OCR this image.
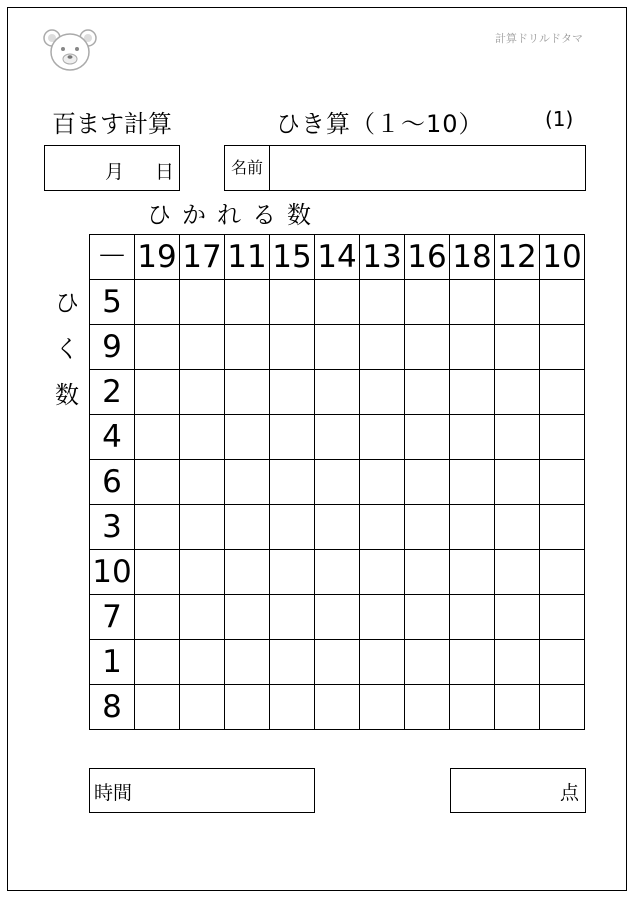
計算ドリルドタマ
百ます計算	ひき算（１～10）	(1)
月 日	名前
ひかれる数
ひ
く
数
－	19	17	11	15	14	13	16	18	12	10
5										
9										
2										
4										
6										
3										
10										
7										
1										
8										
時間	点
